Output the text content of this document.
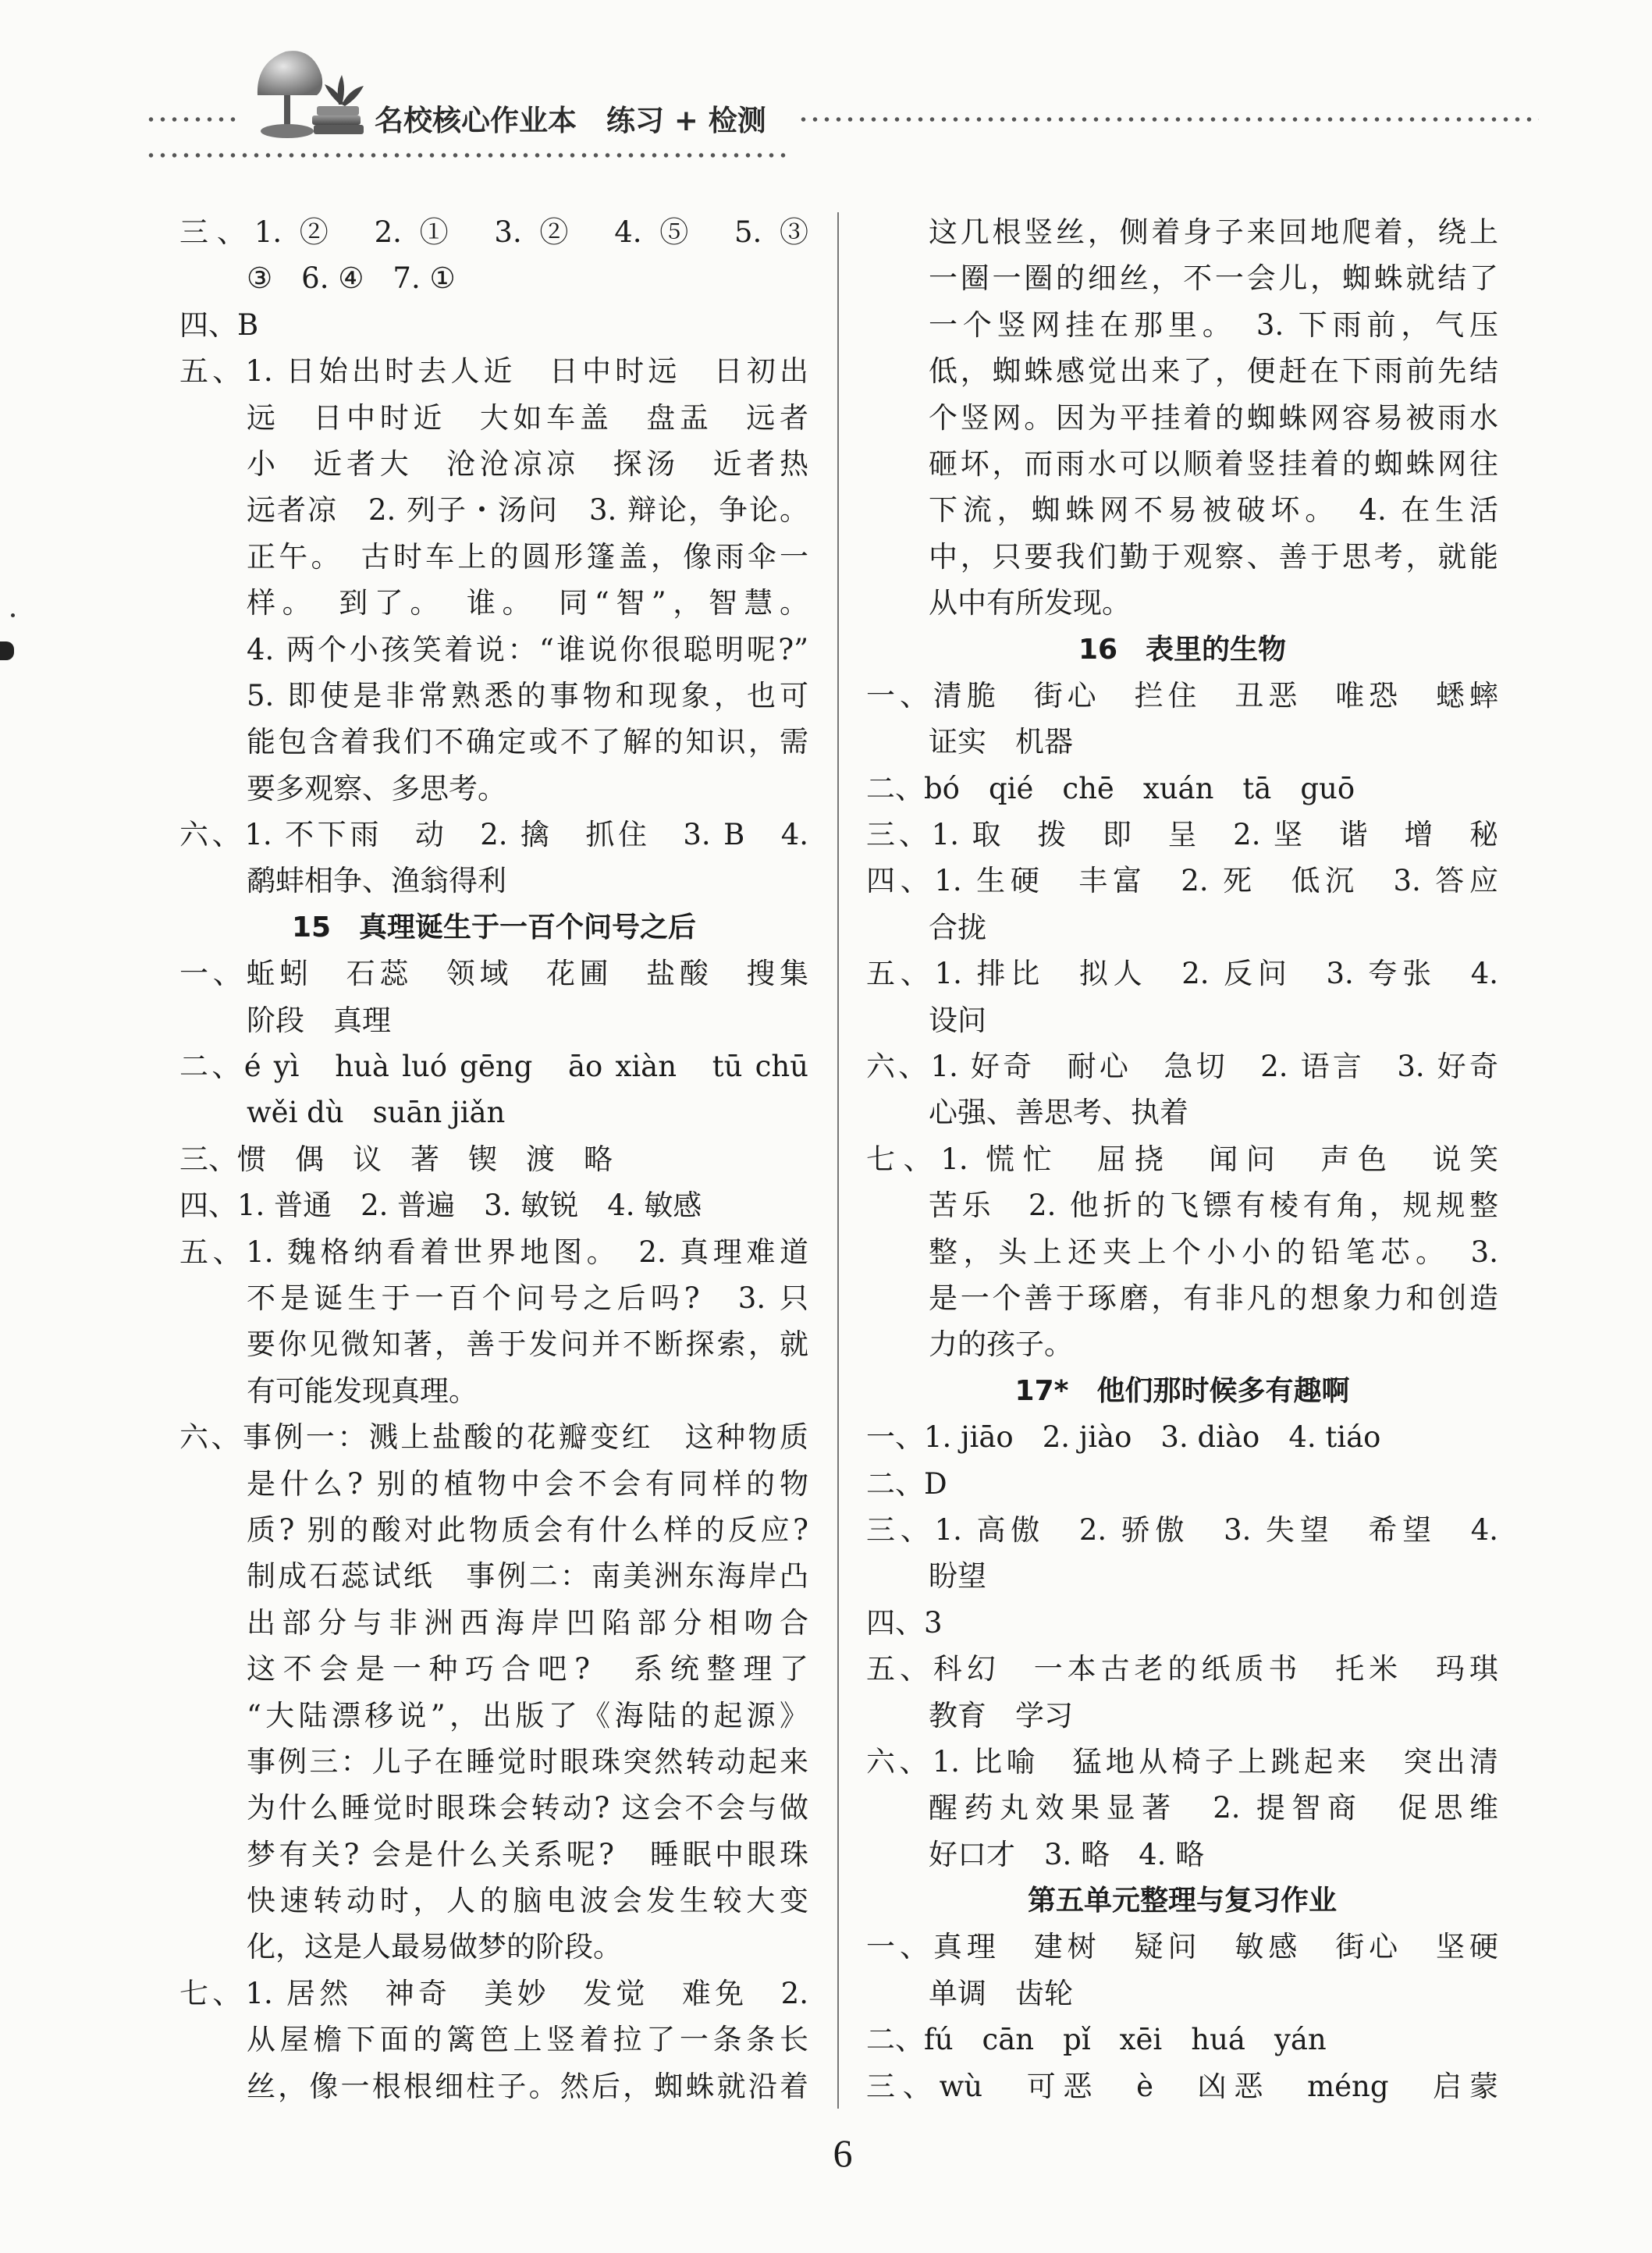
名校核心作业本 练习 + 检测
三、1. ②　2. ①　3. ②　4. ⑤　5. ③
③　6. ④　7. ①
四、B
五、1. 日始出时去人近　日中时远　日初出
远　日中时近　大如车盖　盘盂　远者
小　近者大　沧沧凉凉　探汤　近者热
远者凉　2. 列子・汤问　3. 辩论，争论。
正午。　古时车上的圆形篷盖，像雨伞一
样。　到了。　谁。　同“智”，智慧。
4. 两个小孩笑着说：“谁说你很聪明呢?”
5. 即使是非常熟悉的事物和现象，也可
能包含着我们不确定或不了解的知识，需
要多观察、多思考。
六、1. 不下雨　动　2. 擒　抓住　3. B　4.
鹬蚌相争、渔翁得利
15　真理诞生于一百个问号之后
一、蚯蚓　石蕊　领域　花圃　盐酸　搜集
阶段　真理
二、é yì　huà luó gēng　āo xiàn　tū chū
wěi dù　suān jiǎn
三、惯　偶　议　著　锲　渡　略
四、1. 普通　2. 普遍　3. 敏锐　4. 敏感
五、1. 魏格纳看着世界地图。　2. 真理难道
不是诞生于一百个问号之后吗?　3. 只
要你见微知著，善于发问并不断探索，就
有可能发现真理。
六、事例一：溅上盐酸的花瓣变红　这种物质
是什么? 别的植物中会不会有同样的物
质? 别的酸对此物质会有什么样的反应?
制成石蕊试纸　事例二：南美洲东海岸凸
出部分与非洲西海岸凹陷部分相吻合
这不会是一种巧合吧?　系统整理了
“大陆漂移说”，出版了《海陆的起源》
事例三：儿子在睡觉时眼珠突然转动起来
为什么睡觉时眼珠会转动? 这会不会与做
梦有关? 会是什么关系呢?　睡眠中眼珠
快速转动时，人的脑电波会发生较大变
化，这是人最易做梦的阶段。
七、1. 居然　神奇　美妙　发觉　难免　2.
从屋檐下面的篱笆上竖着拉了一条条长
丝，像一根根细柱子。然后，蜘蛛就沿着
这几根竖丝，侧着身子来回地爬着，绕上
一圈一圈的细丝，不一会儿，蜘蛛就结了
一个竖网挂在那里。　3. 下雨前，气压
低，蜘蛛感觉出来了，便赶在下雨前先结
个竖网。因为平挂着的蜘蛛网容易被雨水
砸坏，而雨水可以顺着竖挂着的蜘蛛网往
下流，蜘蛛网不易被破坏。　4. 在生活
中，只要我们勤于观察、善于思考，就能
从中有所发现。
16　表里的生物
一、清脆　街心　拦住　丑恶　唯恐　蟋蟀
证实　机器
二、bó　qié　chē　xuán　tā　guō
三、1. 取　拨　即　呈　2. 坚　谐　增　秘
四、1. 生硬　丰富　2. 死　低沉　3. 答应
合拢
五、1. 排比　拟人　2. 反问　3. 夸张　4.
设问
六、1. 好奇　耐心　急切　2. 语言　3. 好奇
心强、善思考、执着
七、1. 慌忙　屈挠　闻问　声色　说笑
苦乐　2. 他折的飞镖有棱有角，规规整
整，头上还夹上个小小的铅笔芯。　3.
是一个善于琢磨，有非凡的想象力和创造
力的孩子。
17*　他们那时候多有趣啊
一、1. jiāo　2. jiào　3. diào　4. tiáo
二、D
三、1. 高傲　2. 骄傲　3. 失望　希望　4.
盼望
四、3
五、科幻　一本古老的纸质书　托米　玛琪
教育　学习
六、1. 比喻　猛地从椅子上跳起来　突出清
醒药丸效果显著　2. 提智商　促思维
好口才　3. 略　4. 略
第五单元整理与复习作业
一、真理　建树　疑问　敏感　街心　坚硬
单调　齿轮
二、fú　cān　pǐ　xēi　huá　yán
三、wù　可恶　è　凶恶　méng　启蒙
6
